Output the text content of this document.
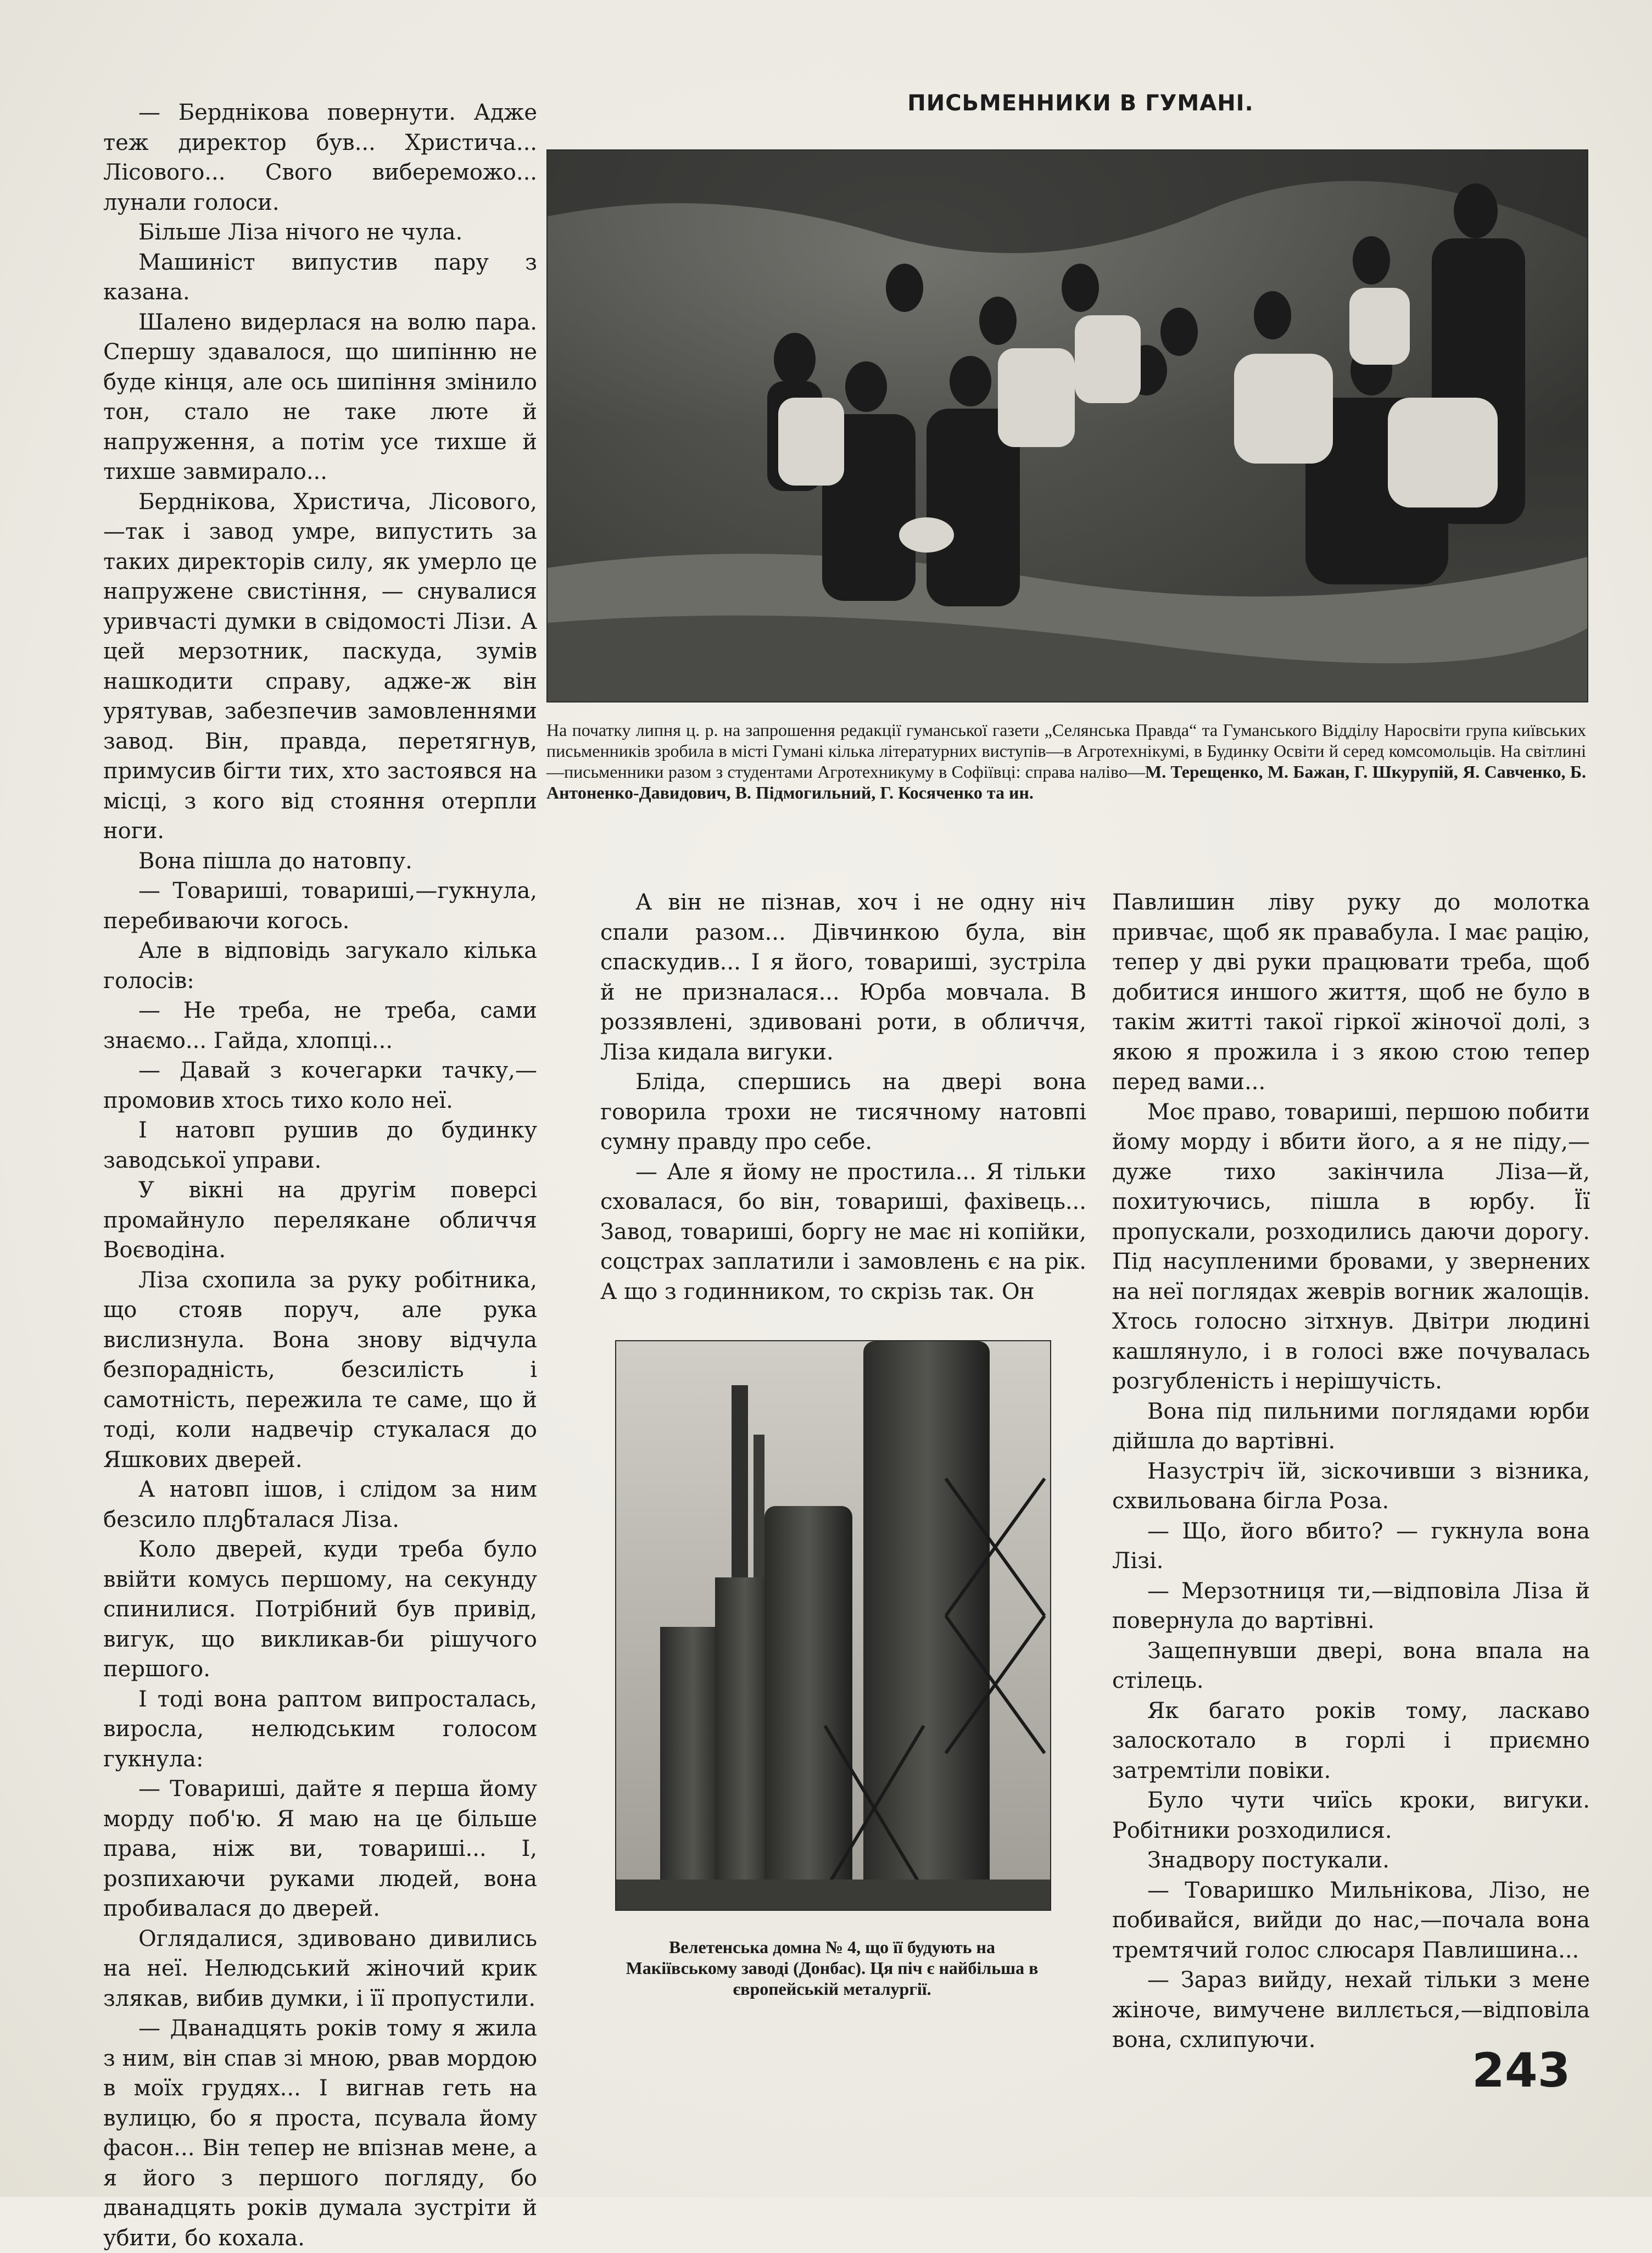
ПИСЬМЕННИКИ В ГУМАНІ.

— Берднікова повернути. Адже теж директор був... Христича... Лісового... Свого вибереможо... лунали голоси.

Більше Ліза нічого не чула.

Машиніст випустив пару з казана.

Шалено видерлася на волю пара. Спершу здавалося, що шипінню не буде кінця, але ось шипіння змінило тон, стало не таке люте й напруження, а потім усе тихше й тихше завмирало...

Берднікова, Христича, Лісового,—так і завод умре, випустить за таких директорів силу, як умерло це напружене свистіння, — снувалися уривчасті думки в свідомості Лізи. А цей мерзотник, паскуда, зумів нашкодити справу, адже-ж він урятував, забезпечив замовленнями завод. Він, правда, перетягнув, примусив бігти тих, хто застоявся на місці, з кого від стояння отерпли ноги.

Вона пішла до натовпу.

— Товариші, товариші,—гукнула, перебиваючи когось.

Але в відповідь загукало кілька голосів:

— Не треба, не треба, сами знаємо... Гайда, хлопці...

— Давай з кочегарки тачку,—промовив хтось тихо коло неї.

І натовп рушив до будинку заводської управи.

У вікні на другім поверсі промайнуло перелякане обличчя Воєводіна.

Ліза схопила за руку робітника, що стояв поруч, але рука вислизнула. Вона знову відчула безпорадність, безсилість і самотність, пережила те саме, що й тоді, коли надвечір стукалася до Яшкових дверей.

А натовп ішов, і слідом за ним безсило плენталася Ліза.

Коло дверей, куди треба було ввійти комусь першому, на секунду спинилися. Потрібний був привід, вигук, що викликав-би рішучого першого.

І тоді вона раптом випросталась, виросла, нелюдським голосом гукнула:

— Товариші, дайте я перша йому морду поб'ю. Я маю на це більше права, ніж ви, товариші... І, розпихаючи руками людей, вона пробивалася до дверей.

Оглядалися, здивовано дивились на неї. Нелюдський жіночий крик злякав, вибив думки, і її пропустили.

— Дванадцять років тому я жила з ним, він спав зі мною, рвав мордою в моїх грудях... І вигнав геть на вулицю, бо я проста, псувала йому фасон... Він тепер не впізнав мене, а я його з першого погляду, бо дванадцять років думала зустріти й убити, бо кохала.

На початку липня ц. р. на запрошення редакції гуманської газети „Селянська Правда“ та Гуманського Відділу Наросвіти група київських письменників зробила в місті Гумані кілька літературних виступів—в Агротехнікумі, в Будинку Освіти й серед комсомольців. На світлині—письменники разом з студентами Агротехникуму в Софіївці: справа наліво—М. Терещенко, М. Бажан, Г. Шкурупій, Я. Савченко, Б. Антоненко-Давидович, В. Підмогильний, Г. Косяченко та ин.

А він не пізнав, хоч і не одну ніч спали разом... Дівчинкою була, він спаскудив... І я його, товариші, зустріла й не призналася... Юрба мовчала. В роззявлені, здивовані роти, в обличчя, Ліза кидала вигуки.

Бліда, спершись на двері вона говорила трохи не тисячному натовпі сумну правду про себе.

— Але я йому не простила... Я тільки сховалася, бо він, товариші, фахівець... Завод, товариші, боргу не має ні копійки, соцстрах заплатили і замовлень є на рік. А що з годинником, то скрізь так. Он

Велетенська домна № 4, що її будують на Макіївському заводі (Донбас). Ця піч є найбільша в європейській металургії.

Павлишин ліву руку до молотка привчає, щоб як правабула. І має рацію, тепер у дві руки працювати треба, щоб добитися иншого життя, щоб не було в такім житті такої гіркої жіночої долі, з якою я прожила і з якою стою тепер перед вами...

Моє право, товариші, першою побити йому морду і вбити його, а я не піду,—дуже тихо закінчила Ліза—й, похитуючись, пішла в юрбу. Її пропускали, розходились даючи дорогу. Під насупленими бровами, у звернених на неї поглядах жеврів вогник жалощів. Хтось голосно зітхнув. Двітри людині кашлянуло, і в голосі вже почувалась розгубленість і нерішучість.

Вона під пильними поглядами юрби дійшла до вартівні.

Назустріч їй, зіскочивши з візника, схвильована бігла Роза.

— Що, його вбито? — гукнула вона Лізі.

— Мерзотниця ти,—відповіла Ліза й повернула до вартівні.

Защепнувши двері, вона впала на стілець.

Як багато років тому, ласкаво залоскотало в горлі і приємно затремтіли повіки.

Було чути чиїсь кроки, вигуки. Робітники розходилися.

Знадвору постукали.

— Товаришко Мильнікова, Лізо, не побивайся, вийди до нас,—почала вона тремтячий голос слюсаря Павлишина...

— Зараз вийду, нехай тільки з мене жіноче, вимучене виллється,—відповіла вона, схлипуючи.

243
